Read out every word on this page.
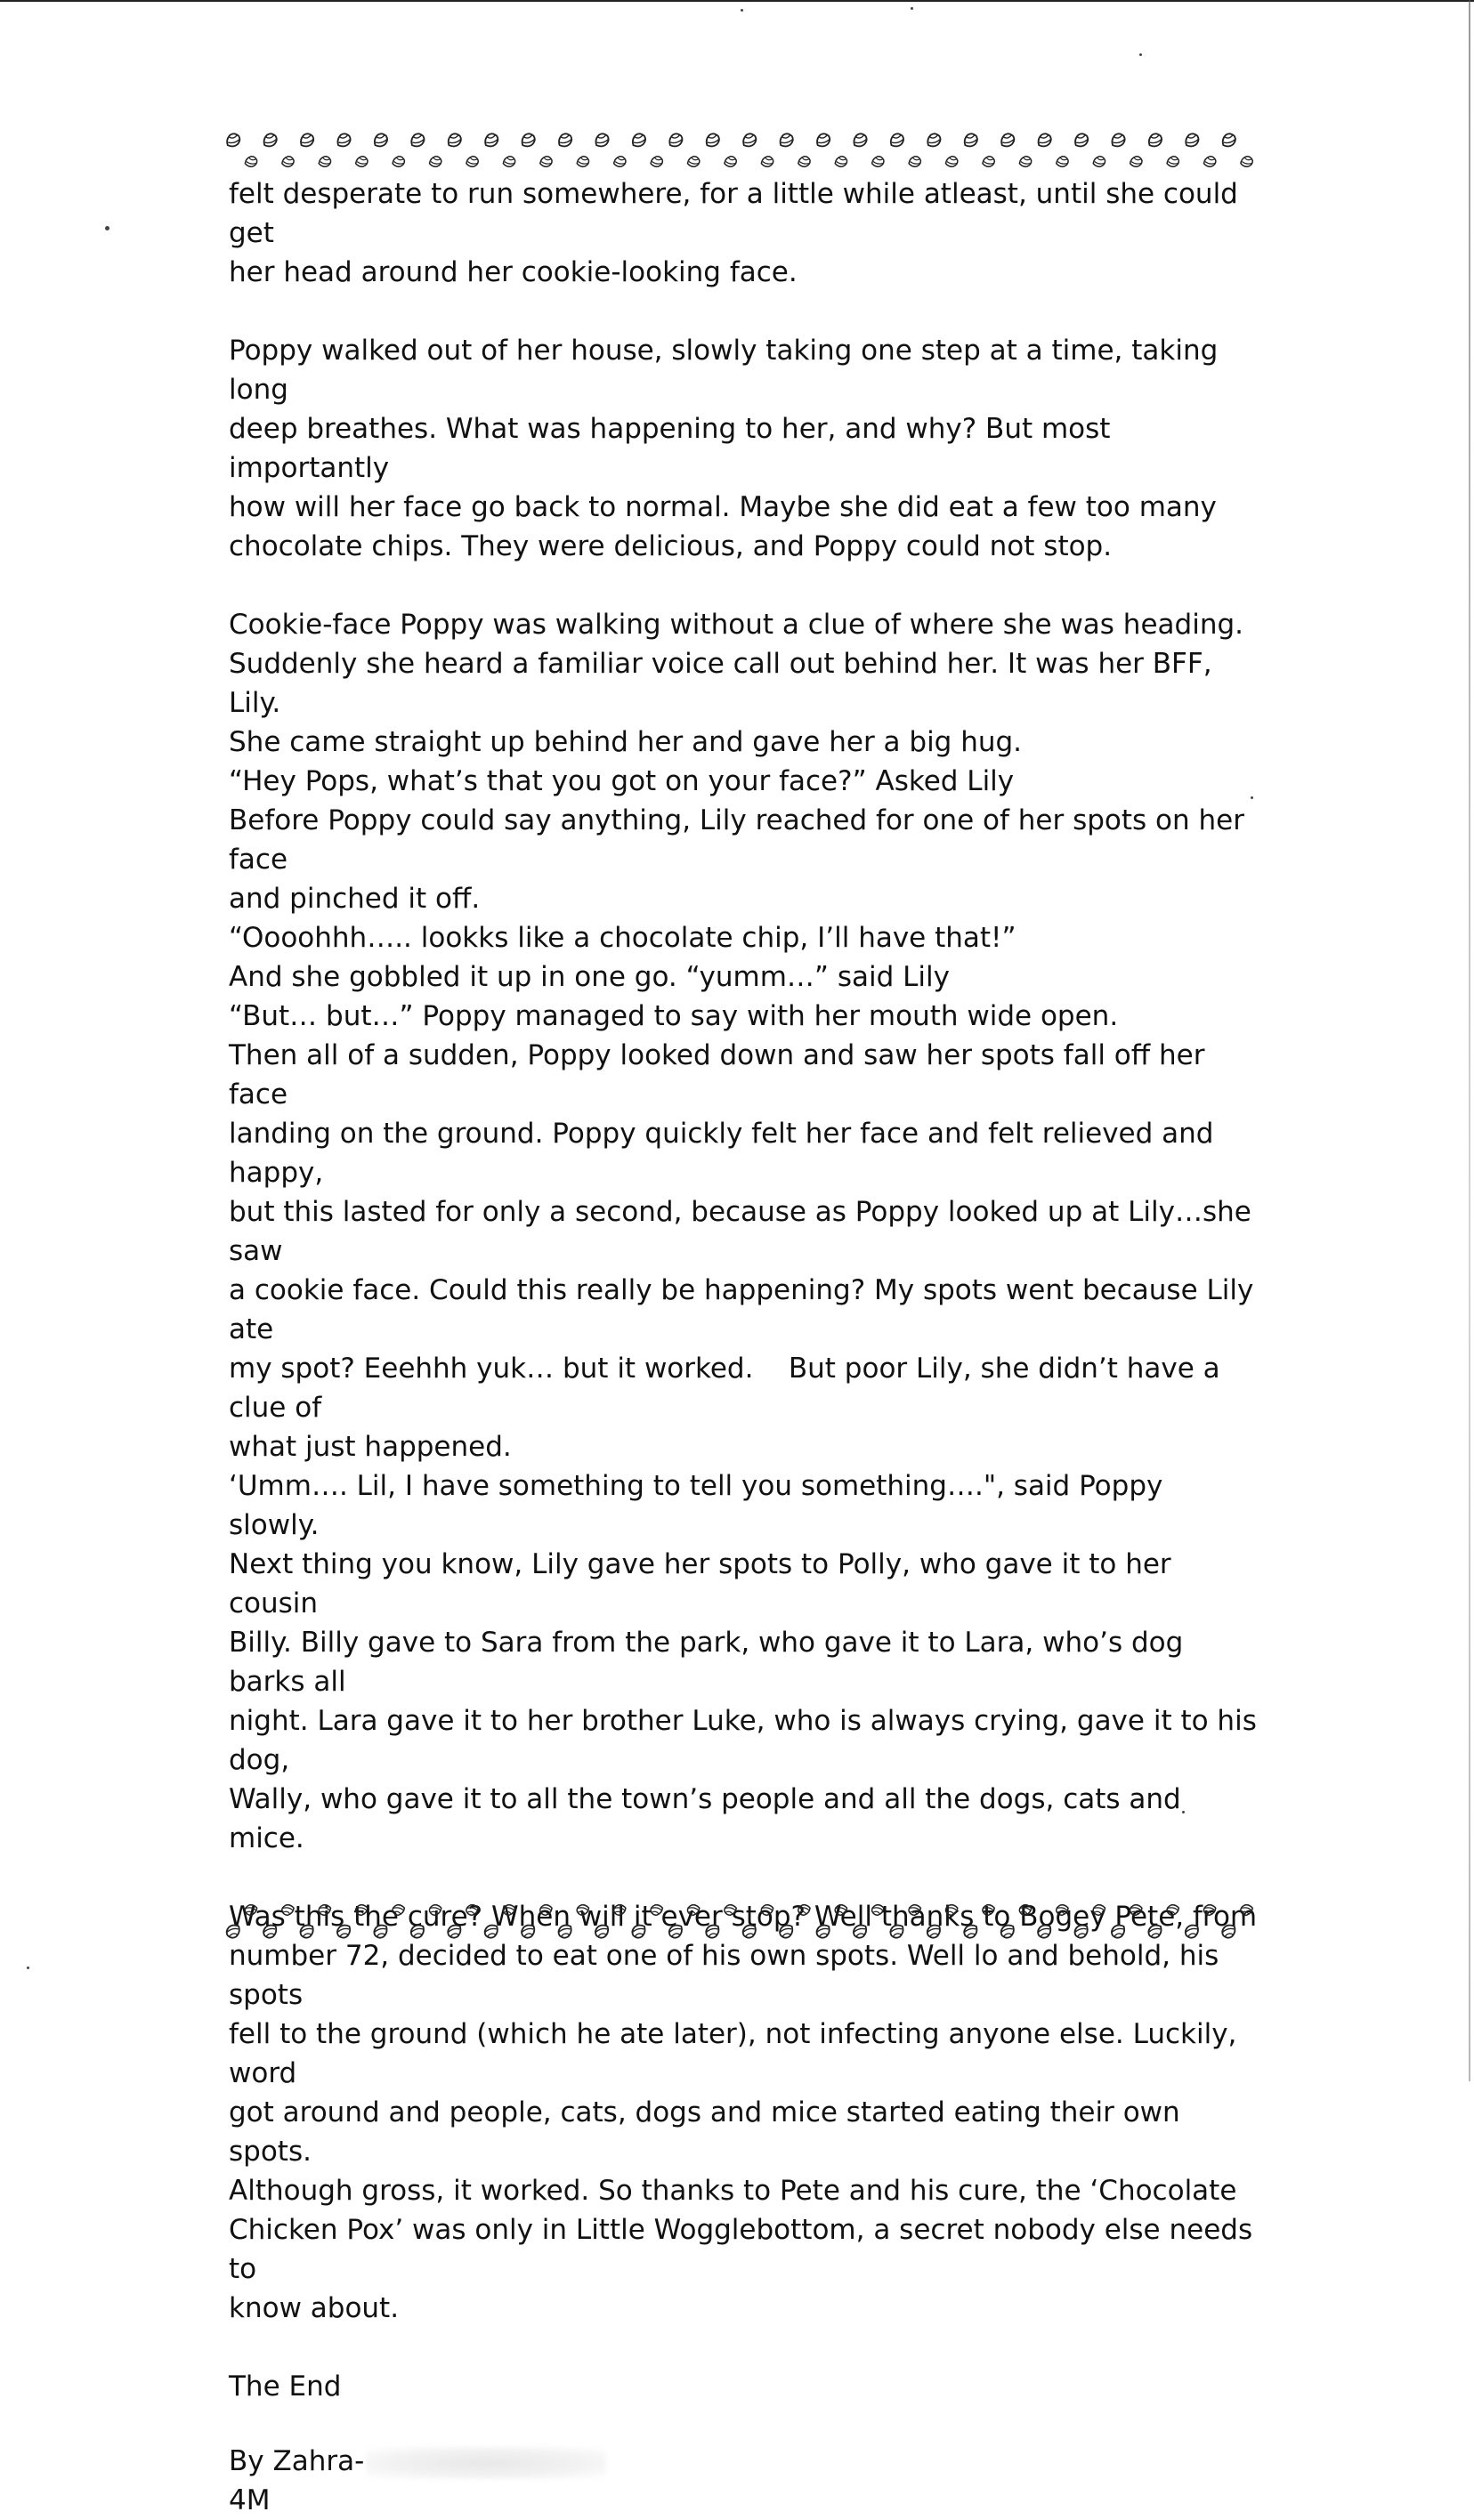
felt desperate to run somewhere, for a little while atleast, until she could get

her head around her cookie-looking face.

Poppy walked out of her house, slowly taking one step at a time, taking long

deep breathes. What was happening to her, and why? But most importantly

how will her face go back to normal. Maybe she did eat a few too many

chocolate chips. They were delicious, and Poppy could not stop.

Cookie-face Poppy was walking without a clue of where she was heading.

Suddenly she heard a familiar voice call out behind her. It was her BFF, Lily.

She came straight up behind her and gave her a big hug.

“Hey Pops, what’s that you got on your face?” Asked Lily

Before Poppy could say anything, Lily reached for one of her spots on her face

and pinched it off.

“Oooohhh….. lookks like a chocolate chip, I’ll have that!”

And she gobbled it up in one go. “yumm…” said Lily

“But… but…” Poppy managed to say with her mouth wide open.

Then all of a sudden, Poppy looked down and saw her spots fall off her face

landing on the ground. Poppy quickly felt her face and felt relieved and happy,

but this lasted for only a second, because as Poppy looked up at Lily…she saw

a cookie face. Could this really be happening? My spots went because Lily ate

my spot? Eeehhh yuk… but it worked.    But poor Lily, she didn’t have a clue of

what just happened.

‘Umm…. Lil, I have something to tell you something….", said Poppy slowly.

Next thing you know, Lily gave her spots to Polly, who gave it to her cousin

Billy. Billy gave to Sara from the park, who gave it to Lara, who’s dog barks all

night. Lara gave it to her brother Luke, who is always crying, gave it to his dog,

Wally, who gave it to all the town’s people and all the dogs, cats and mice.

Was this the cure? When will it ever stop? Well thanks to Bogey Pete, from

number 72, decided to eat one of his own spots. Well lo and behold, his spots

fell to the ground (which he ate later), not infecting anyone else. Luckily, word

got around and people, cats, dogs and mice started eating their own spots.

Although gross, it worked. So thanks to Pete and his cure, the ‘Chocolate

Chicken Pox’ was only in Little Wogglebottom, a secret nobody else needs to

know about.

The End

By Zahra-

4M
